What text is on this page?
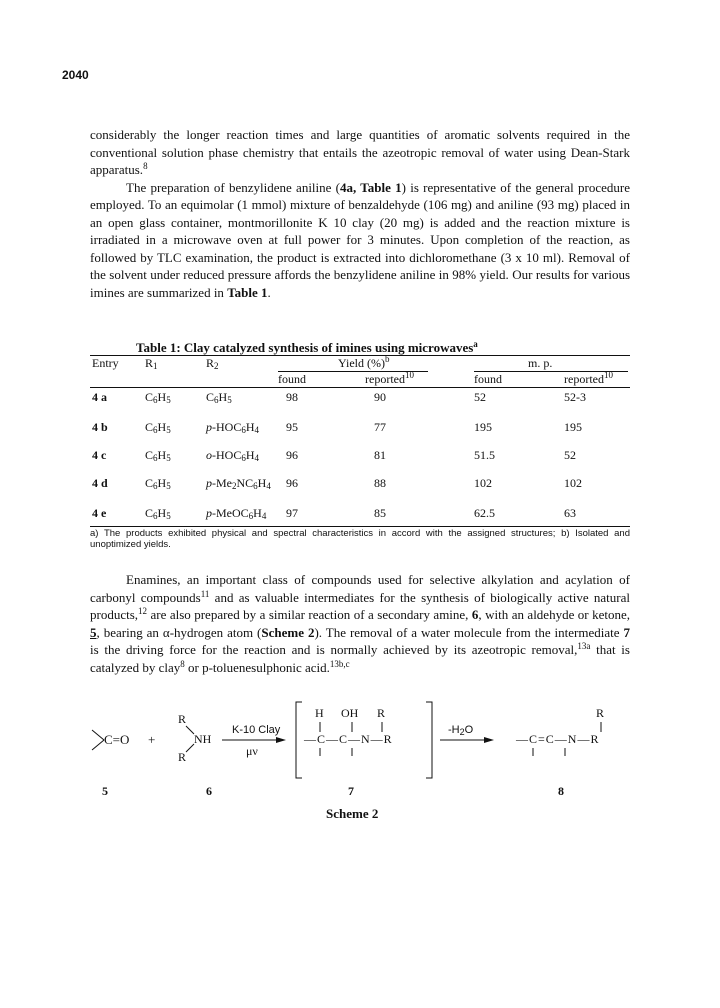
2040

considerably the longer reaction times and large quantities of aromatic solvents required in the conventional solution phase chemistry that entails the azeotropic removal of water using Dean-Stark apparatus.$^8$

The preparation of benzylidene aniline (4a, Table 1) is representative of the general procedure employed. To an equimolar (1 mmol) mixture of benzaldehyde (106 mg) and aniline (93 mg) placed in an open glass container, montmorillonite K 10 clay (20 mg) is added and the reaction mixture is irradiated in a microwave oven at full power for 3 minutes. Upon completion of the reaction, as followed by TLC examination, the product is extracted into dichloromethane (3 x 10 ml). Removal of the solvent under reduced pressure affords the benzylidene aniline in 98% yield. Our results for various imines are summarized in Table 1.

Table 1: Clay catalyzed synthesis of imines using microwaves$^a$
Entry $R_1$	$R_2$	Yield (%)$^b$	m. p.
found	reported$^{10}$	found	reported$^{10}$
4 a	$C_6H_5$	$C_6H_5$	98	90	52	52-3
4 b	$C_6H_5$	$p-HOC_6H_4$ 95	77	195	195
4 c	$C_6H_5$	$o-HOC_6H_4$ 96	81	51.5	52
4 d	$C_6H_5$	$p-Me_2NC_6H_4$ 96	88	102	102
4 e	$C_6H_5$	$p-MeOC_6H_4$ 97	85	62.5	63
a) The products exhibited physical and spectral characteristics in accord with the assigned structures; b) Isolated and unoptimized yields.

Enamines, an important class of compounds used for selective alkylation and acylation of carbonyl compounds$^{11}$ and as valuable intermediates for the synthesis of biologically active natural products,$^{12}$ are also prepared by a similar reaction of a secondary amine, 6, with an aldehyde or ketone, 5, bearing an α-hydrogen atom (Scheme 2). The removal of a water molecule from the intermediate 7 is the driving force for the reaction and is normally achieved by its azeotropic removal,$^{13a}$ that is catalyzed by clay$^8$ or p-toluenesulphonic acid.$^{13b,c}$

C=O +
R
NH
R
K-10 Clay
μν
H OH R
—C—C—N—R
$-H_2O$
R
—C=C—N—R
5	6	7	8
Scheme 2
